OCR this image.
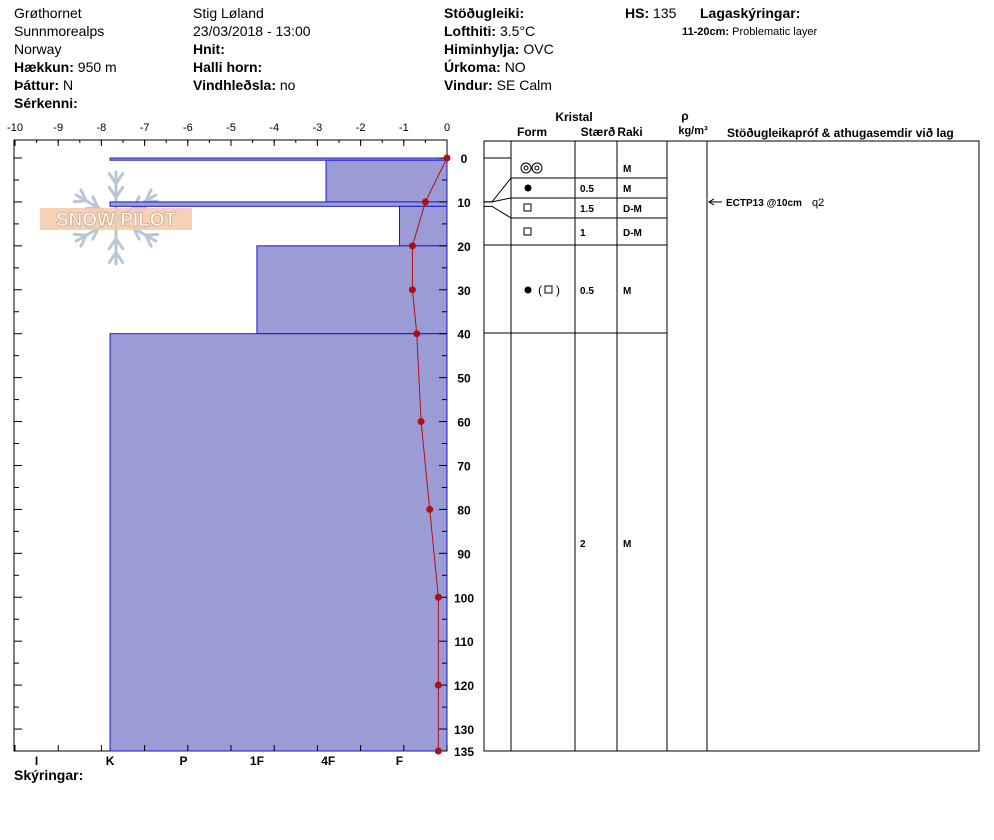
Grøthornet
Sunnmorealps
Norway
Hækkun: 950 m
Þáttur: N
Sérkenni:
Stig Løland
23/03/2018 - 13:00
Hnit:
Halli horn:
Vindhleðsla: no
Stöðugleiki:
Lofthiti: 3.5°C
Himinhylja: OVC
Úrkoma: NO
Vindur: SE Calm
HS: 135 Lagaskýringar:
11-20cm: Problematic layer
Skýringar:
SNOW PILOT
-10	-9	-8	-7	-6	-5	-4	-3	-2	-1	0
0
10
20
30
40
50
60
70
80
90
100
110
120
130
135
I	K	P	1F	4F	F
Kristal
Form	Stærð Raki
ρ
kg/m³ Stöðugleikapróf & athugasemdir við lag
M
0.5	M
1.5	D-M
1	D-M
( ) 0.5	M
2	M
ECTP13 @10cm q2
